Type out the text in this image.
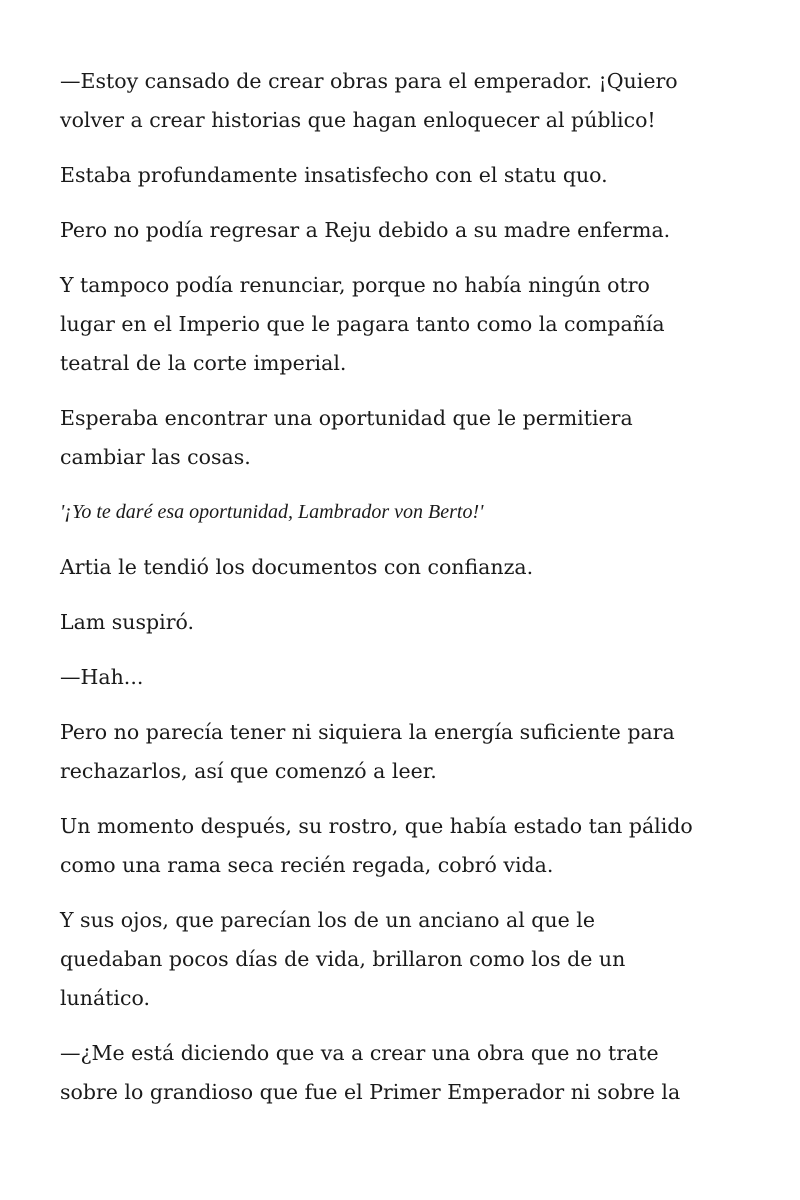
—Estoy cansado de crear obras para el emperador. ¡Quiero
volver a crear historias que hagan enloquecer al público!

Estaba profundamente insatisfecho con el statu quo.

Pero no podía regresar a Reju debido a su madre enferma.

Y tampoco podía renunciar, porque no había ningún otro
lugar en el Imperio que le pagara tanto como la compañía
teatral de la corte imperial.

Esperaba encontrar una oportunidad que le permitiera
cambiar las cosas.

'¡Yo te daré esa oportunidad, Lambrador von Berto!'

Artia le tendió los documentos con confianza.

Lam suspiró.

—Hah...

Pero no parecía tener ni siquiera la energía suficiente para
rechazarlos, así que comenzó a leer.

Un momento después, su rostro, que había estado tan pálido
como una rama seca recién regada, cobró vida.

Y sus ojos, que parecían los de un anciano al que le
quedaban pocos días de vida, brillaron como los de un
lunático.

—¿Me está diciendo que va a crear una obra que no trate
sobre lo grandioso que fue el Primer Emperador ni sobre la
